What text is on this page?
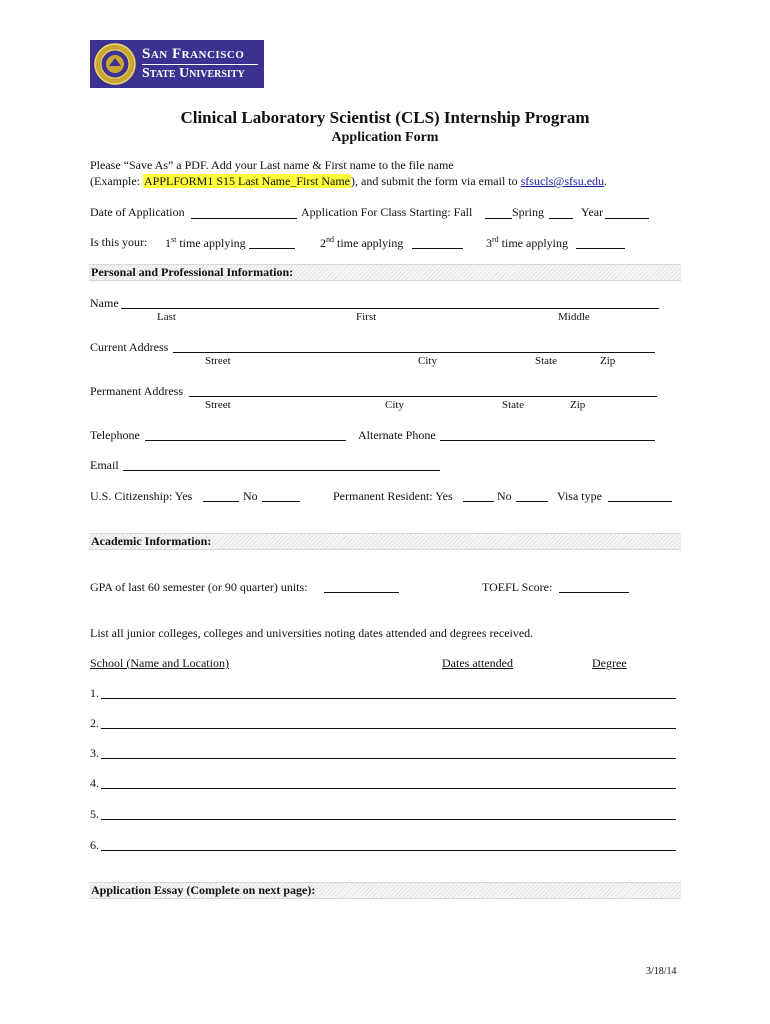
San Francisco
State University
Clinical Laboratory Scientist (CLS) Internship Program
Application Form
Please “Save As” a PDF. Add your Last name & First name to the file name
(Example: APPLFORM1 S15 Last Name_First Name), and submit the form via email to sfsucls@sfsu.edu.
Date of Application	Application For Class Starting: Fall	Spring	Year
Is this your: 1st time applying	2nd time applying	3rd time applying
Personal and Professional Information:
Name
Last	First	Middle
Current Address
Street	City	State	Zip
Permanent Address
Street	City	State	Zip
Telephone	Alternate Phone
Email
U.S. Citizenship: Yes	No	Permanent Resident: Yes	No	Visa type
Academic Information:
GPA of last 60 semester (or 90 quarter) units:	TOEFL Score:
List all junior colleges, colleges and universities noting dates attended and degrees received.
School (Name and Location)	Dates attended	Degree
1.
2.
3.
4.
5.
6.
Application Essay (Complete on next page):
3/18/14
